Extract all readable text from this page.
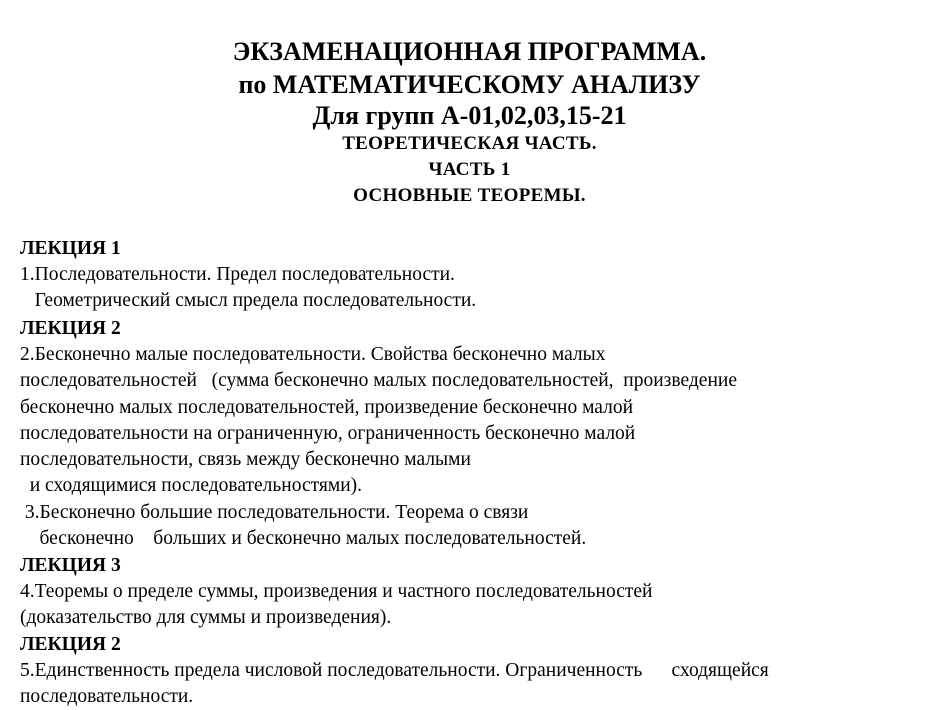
ЭКЗАМЕНАЦИОННАЯ ПРОГРАММА.
по МАТЕМАТИЧЕСКОМУ АНАЛИЗУ
Для групп А-01,02,03,15-21
ТЕОРЕТИЧЕСКАЯ ЧАСТЬ.
ЧАСТЬ 1
ОСНОВНЫЕ ТЕОРЕМЫ.
ЛЕКЦИЯ 1
1.Последовательности. Предел последовательности.
Геометрический смысл предела последовательности.
ЛЕКЦИЯ 2
2.Бесконечно малые последовательности. Свойства бесконечно малых
последовательностей   (сумма бесконечно малых последовательностей,  произведение
бесконечно малых последовательностей, произведение бесконечно малой
последовательности на ограниченную, ограниченность бесконечно малой
последовательности, связь между бесконечно малыми
и сходящимися последовательностями).
3.Бесконечно большие последовательности. Теорема о связи
бесконечно    больших и бесконечно малых последовательностей.
ЛЕКЦИЯ 3
4.Теоремы о пределе суммы, произведения и частного последовательностей
(доказательство для суммы и произведения).
ЛЕКЦИЯ 2
5.Единственность предела числовой последовательности. Ограниченность      сходящейся
последовательности.
